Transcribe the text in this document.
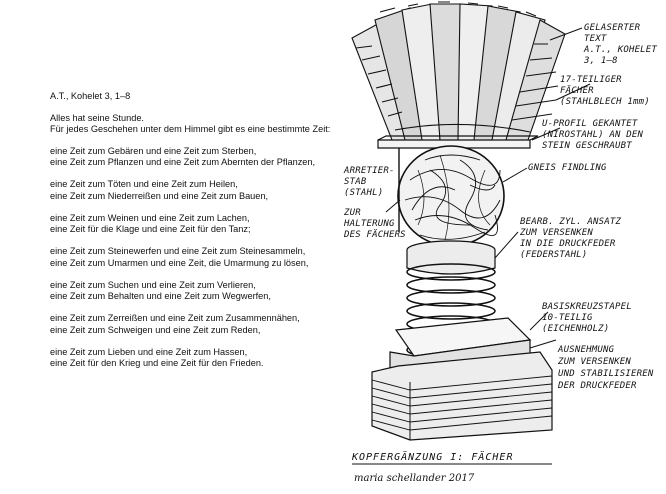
A.T., Kohelet 3, 1–8
Alles hat seine Stunde.
Für jedes Geschehen unter dem Himmel gibt es eine bestimmte Zeit:
eine Zeit zum Gebären und eine Zeit zum Sterben,
eine Zeit zum Pflanzen und eine Zeit zum Abernten der Pflanzen,
eine Zeit zum Töten und eine Zeit zum Heilen,
eine Zeit zum Niederreißen und eine Zeit zum Bauen,
eine Zeit zum Weinen und eine Zeit zum Lachen,
eine Zeit für die Klage und eine Zeit für den Tanz;
eine Zeit zum Steinewerfen und eine Zeit zum Steinesammeln,
eine Zeit zum Umarmen und eine Zeit, die Umarmung zu lösen,
eine Zeit zum Suchen und eine Zeit zum Verlieren,
eine Zeit zum Behalten und eine Zeit zum Wegwerfen,
eine Zeit zum Zerreißen und eine Zeit zum Zusammennähen,
eine Zeit zum Schweigen und eine Zeit zum Reden,
eine Zeit zum Lieben und eine Zeit zum Hassen,
eine Zeit für den Krieg und eine Zeit für den Frieden.
GELASERTER
TEXT
A.T., KOHELET
3, 1–8
17-TEILIGER
FÄCHER
(STAHLBLECH 1mm)
U-PROFIL GEKANTET
(NIROSTAHL) AN DEN
STEIN GESCHRAUBT
GNEIS FINDLING
ARRETIER-
STAB
(STAHL)
ZUR
HALTERUNG
DES FÄCHERS
BEARB. ZYL. ANSATZ
ZUM VERSENKEN
IN DIE DRUCKFEDER
(FEDERSTAHL)
BASISKREUZSTAPEL
10-TEILIG
(EICHENHOLZ)
AUSNEHMUNG
ZUM VERSENKEN
UND STABILISIEREN
DER DRUCKFEDER
KOPFERGÄNZUNG I: FÄCHER
maria schellander 2017
